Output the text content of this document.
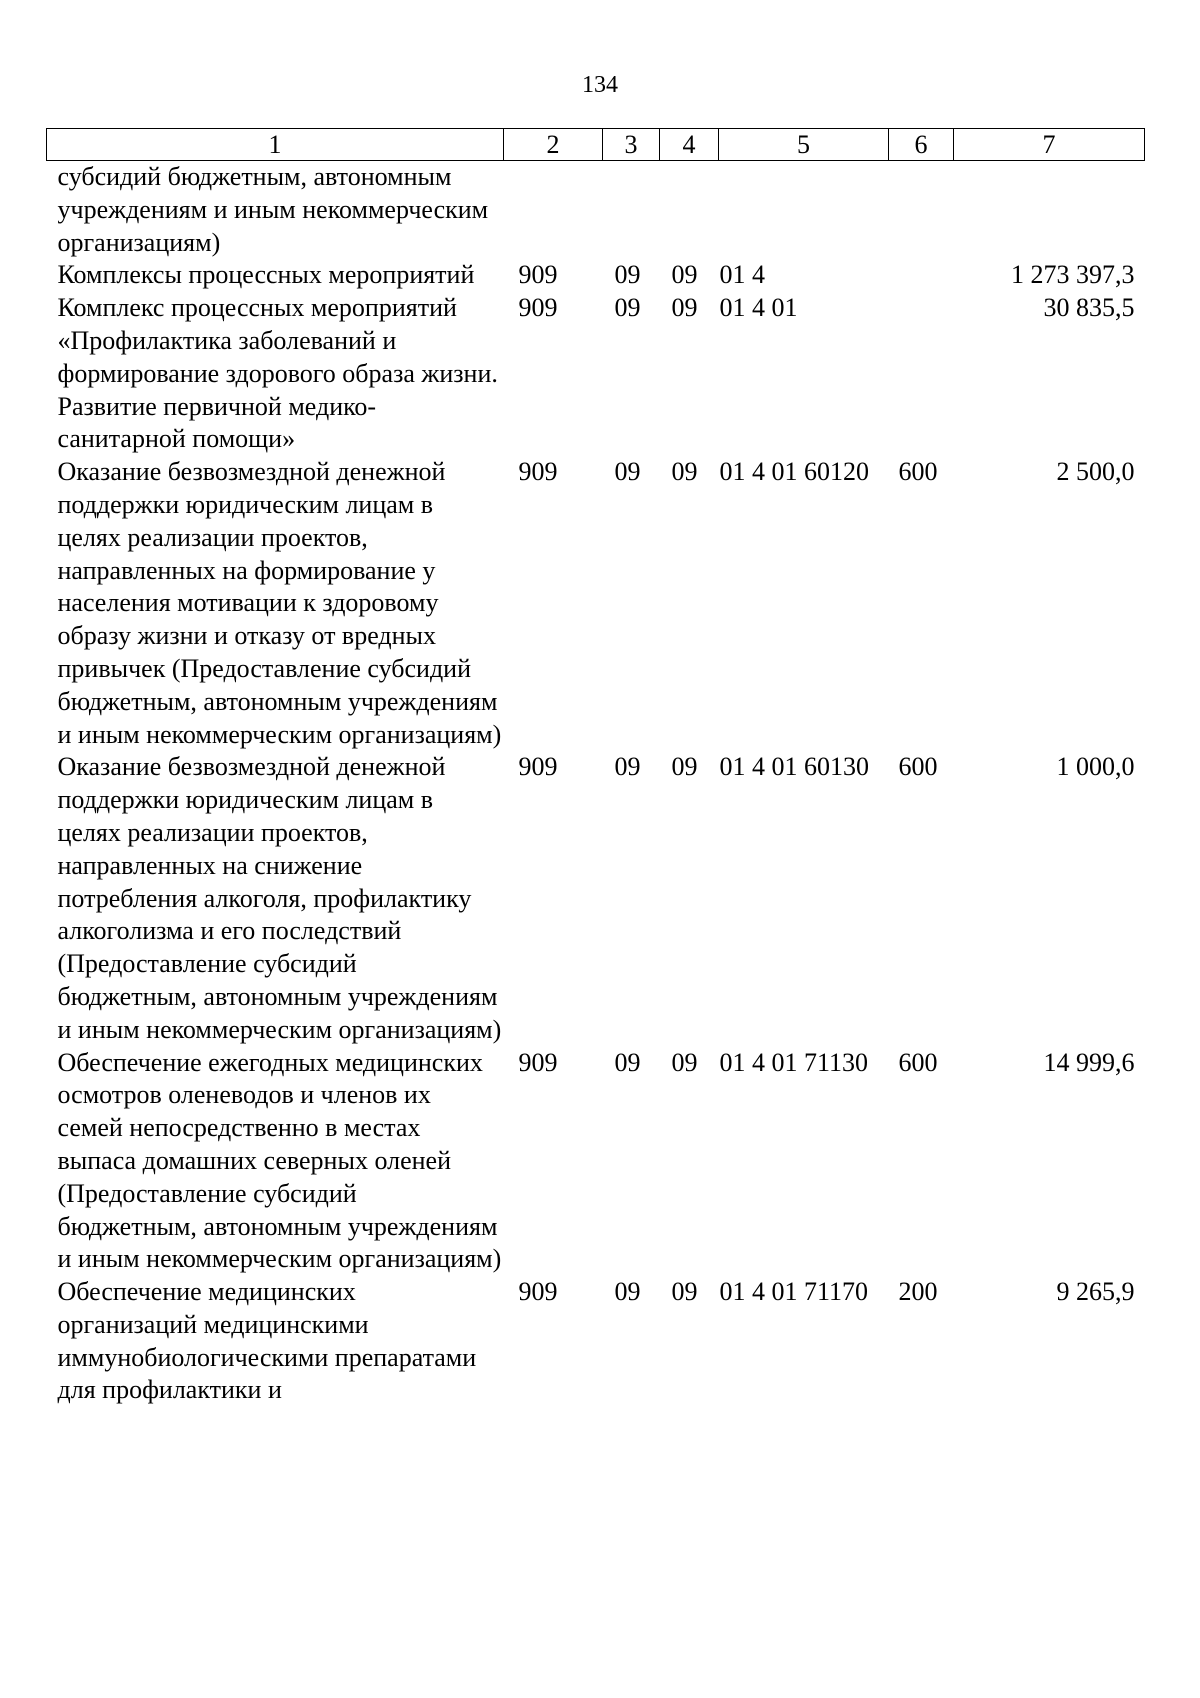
134
1	2	3	4	5	6	7
субсидий бюджетным, автономным учреждениям и иным некоммерческим организациям)						
Комплексы процессных мероприятий	909	09	09	01 4		1 273 397,3
Комплекс процессных мероприятий «Профилактика заболеваний и формирование здорового образа жизни. Развитие первичной медико-санитарной помощи»	909	09	09	01 4 01		30 835,5
Оказание безвозмездной денежной поддержки юридическим лицам в целях реализации проектов, направленных на формирование у населения мотивации к здоровому образу жизни и отказу от вредных привычек (Предоставление субсидий бюджетным, автономным учреждениям и иным некоммерческим организациям)	909	09	09	01 4 01 60120	600	2 500,0
Оказание безвозмездной денежной поддержки юридическим лицам в целях реализации проектов, направленных на снижение потребления алкоголя, профилактику алкоголизма и его последствий (Предоставление субсидий бюджетным, автономным учреждениям и иным некоммерческим организациям)	909	09	09	01 4 01 60130	600	1 000,0
Обеспечение ежегодных медицинских осмотров оленеводов и членов их семей непосредственно в местах выпаса домашних северных оленей (Предоставление субсидий бюджетным, автономным учреждениям и иным некоммерческим организациям)	909	09	09	01 4 01 71130	600	14 999,6
Обеспечение медицинских организаций медицинскими иммунобиологическими препаратами для профилактики и	909	09	09	01 4 01 71170	200	9 265,9
